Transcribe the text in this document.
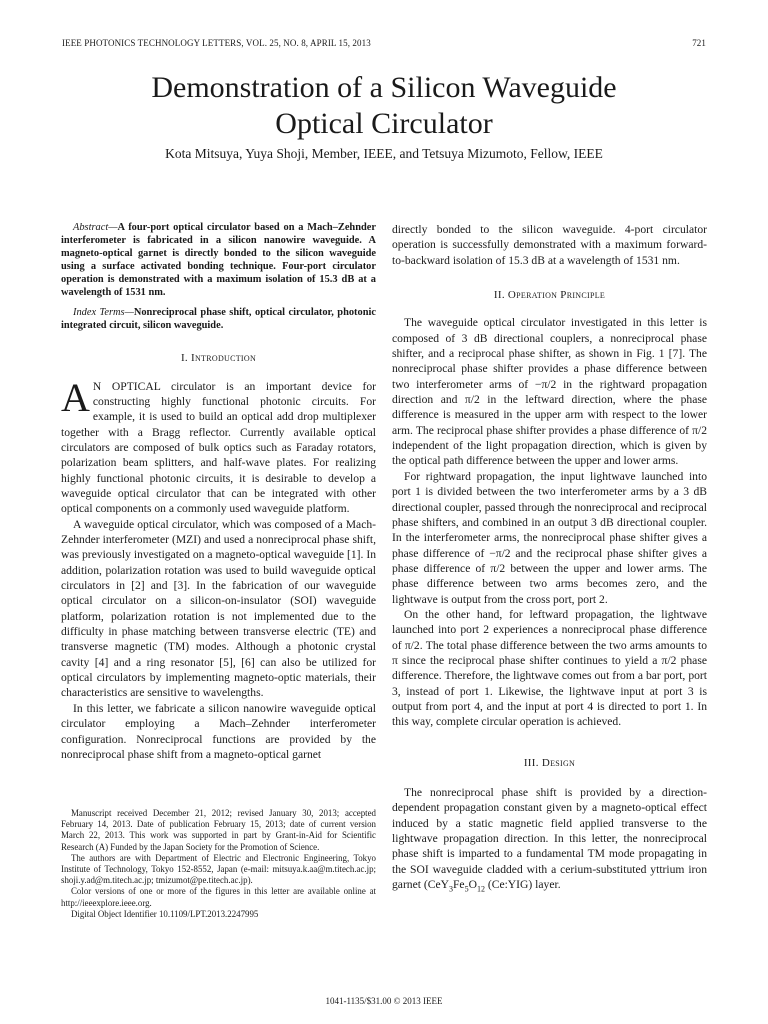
IEEE PHOTONICS TECHNOLOGY LETTERS, VOL. 25, NO. 8, APRIL 15, 2013	721
Demonstration of a Silicon Waveguide
Optical Circulator
Kota Mitsuya, Yuya Shoji, Member, IEEE, and Tetsuya Mizumoto, Fellow, IEEE

Abstract—A four-port optical circulator based on a Mach–Zehnder interferometer is fabricated in a silicon nanowire waveguide. A magneto-optical garnet is directly bonded to the silicon waveguide using a surface activated bonding technique. Four-port circulator operation is demonstrated with a maximum isolation of 15.3 dB at a wavelength of 1531 nm.

Index Terms—Nonreciprocal phase shift, optical circulator, photonic integrated circuit, silicon waveguide.

I. Introduction

A N OPTICAL circulator is an important device for constructing highly functional photonic circuits. For example, it is used to build an optical add drop multiplexer together with a Bragg reflector. Currently available optical circulators are composed of bulk optics such as Faraday rotators, polarization beam splitters, and half-wave plates. For realizing highly functional photonic circuits, it is desirable to develop a waveguide optical circulator that can be integrated with other optical components on a commonly used waveguide platform.

A waveguide optical circulator, which was composed of a Mach-Zehnder interferometer (MZI) and used a nonreciprocal phase shift, was previously investigated on a magneto-optical waveguide [1]. In addition, polarization rotation was used to build waveguide optical circulators in [2] and [3]. In the fabrication of our waveguide optical circulator on a silicon-on-insulator (SOI) waveguide platform, polarization rotation is not implemented due to the difficulty in phase matching between transverse electric (TE) and transverse magnetic (TM) modes. Although a photonic crystal cavity [4] and a ring resonator [5], [6] can also be utilized for optical circulators by implementing magneto-optic materials, their characteristics are sensitive to wavelengths.

In this letter, we fabricate a silicon nanowire waveguide optical circulator employing a Mach–Zehnder interferometer configuration. Nonreciprocal functions are provided by the nonreciprocal phase shift from a magneto-optical garnet

Manuscript received December 21, 2012; revised January 30, 2013; accepted February 14, 2013. Date of publication February 15, 2013; date of current version March 22, 2013. This work was supported in part by Grant-in-Aid for Scientific Research (A) Funded by the Japan Society for the Promotion of Science.

The authors are with Department of Electric and Electronic Engineering, Tokyo Institute of Technology, Tokyo 152-8552, Japan (e-mail: mitsuya.k.aa@m.titech.ac.jp; shoji.y.ad@m.titech.ac.jp; tmizumot@pe.titech.ac.jp).

Color versions of one or more of the figures in this letter are available online at http://ieeexplore.ieee.org.

Digital Object Identifier 10.1109/LPT.2013.2247995

directly bonded to the silicon waveguide. 4-port circulator operation is successfully demonstrated with a maximum forward-to-backward isolation of 15.3 dB at a wavelength of 1531 nm.

II. Operation Principle

The waveguide optical circulator investigated in this letter is composed of 3 dB directional couplers, a nonreciprocal phase shifter, and a reciprocal phase shifter, as shown in Fig. 1 [7]. The nonreciprocal phase shifter provides a phase difference between two interferometer arms of −π/2 in the rightward propagation direction and π/2 in the leftward direction, where the phase difference is measured in the upper arm with respect to the lower arm. The reciprocal phase shifter provides a phase difference of π/2 independent of the light propagation direction, which is given by the optical path difference between the upper and lower arms.

For rightward propagation, the input lightwave launched into port 1 is divided between the two interferometer arms by a 3 dB directional coupler, passed through the nonreciprocal and reciprocal phase shifters, and combined in an output 3 dB directional coupler. In the interferometer arms, the nonreciprocal phase shifter gives a phase difference of −π/2 and the reciprocal phase shifter gives a phase difference of π/2 between the upper and lower arms. The phase difference between two arms becomes zero, and the lightwave is output from the cross port, port 2.

On the other hand, for leftward propagation, the lightwave launched into port 2 experiences a nonreciprocal phase difference of π/2. The total phase difference between the two arms amounts to π since the reciprocal phase shifter continues to yield a π/2 phase difference. Therefore, the lightwave comes out from a bar port, port 3, instead of port 1. Likewise, the lightwave input at port 3 is output from port 4, and the input at port 4 is directed to port 1. In this way, complete circular operation is achieved.

III. Design

The nonreciprocal phase shift is provided by a direction-dependent propagation constant given by a magneto-optical effect induced by a static magnetic field applied transverse to the lightwave propagation direction. In this letter, the nonreciprocal phase shift is imparted to a fundamental TM mode propagating in the SOI waveguide cladded with a cerium-substituted yttrium iron garnet ($CeY_3Fe_5O_{12}$ (Ce:YIG) layer.

1041-1135/$31.00 © 2013 IEEE
